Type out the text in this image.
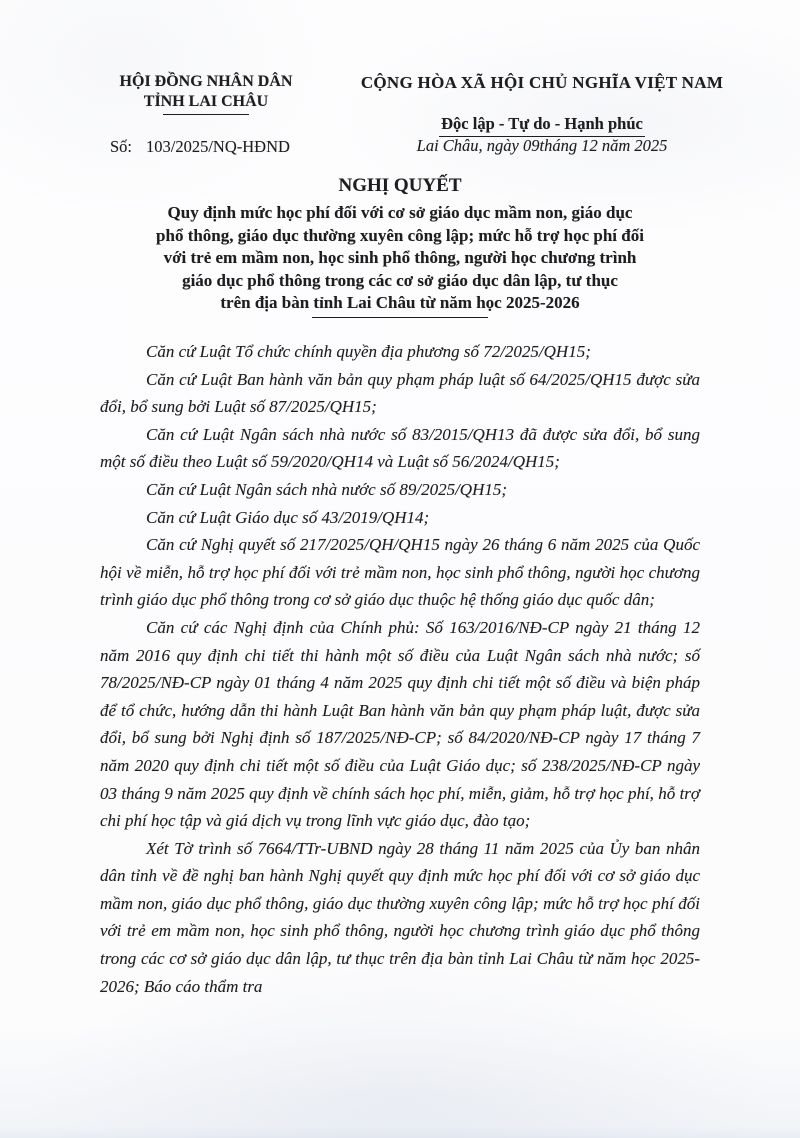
HỘI ĐỒNG NHÂN DÂN
TỈNH LAI CHÂU
CỘNG HÒA XÃ HỘI CHỦ NGHĨA VIỆT NAM

Độc lập - Tự do - Hạnh phúc
Số: 103/2025/NQ-HĐND	Lai Châu, ngày 09tháng 12 năm 2025
NGHỊ QUYẾT
Quy định mức học phí đối với cơ sở giáo dục mầm non, giáo dục
phổ thông, giáo dục thường xuyên công lập; mức hỗ trợ học phí đối
với trẻ em mầm non, học sinh phổ thông, người học chương trình
giáo dục phổ thông trong các cơ sở giáo dục dân lập, tư thục
trên địa bàn tỉnh Lai Châu từ năm học 2025-2026

Căn cứ Luật Tổ chức chính quyền địa phương số 72/2025/QH15;

Căn cứ Luật Ban hành văn bản quy phạm pháp luật số 64/2025/QH15 được sửa đổi, bổ sung bởi Luật số 87/2025/QH15;

Căn cứ Luật Ngân sách nhà nước số 83/2015/QH13 đã được sửa đổi, bổ sung một số điều theo Luật số 59/2020/QH14 và Luật số 56/2024/QH15;

Căn cứ Luật Ngân sách nhà nước số 89/2025/QH15;

Căn cứ Luật Giáo dục số 43/2019/QH14;

Căn cứ Nghị quyết số 217/2025/QH/QH15 ngày 26 tháng 6 năm 2025 của Quốc hội về miễn, hỗ trợ học phí đối với trẻ mầm non, học sinh phổ thông, người học chương trình giáo dục phổ thông trong cơ sở giáo dục thuộc hệ thống giáo dục quốc dân;

Căn cứ các Nghị định của Chính phủ: Số 163/2016/NĐ-CP ngày 21 tháng 12 năm 2016 quy định chi tiết thi hành một số điều của Luật Ngân sách nhà nước; số 78/2025/NĐ-CP ngày 01 tháng 4 năm 2025 quy định chi tiết một số điều và biện pháp để tổ chức, hướng dẫn thi hành Luật Ban hành văn bản quy phạm pháp luật, được sửa đổi, bổ sung bởi Nghị định số 187/2025/NĐ-CP; số 84/2020/NĐ-CP ngày 17 tháng 7 năm 2020 quy định chi tiết một số điều của Luật Giáo dục; số 238/2025/NĐ-CP ngày 03 tháng 9 năm 2025 quy định về chính sách học phí, miễn, giảm, hỗ trợ học phí, hỗ trợ chi phí học tập và giá dịch vụ trong lĩnh vực giáo dục, đào tạo;

Xét Tờ trình số 7664/TTr-UBND ngày 28 tháng 11 năm 2025 của Ủy ban nhân dân tỉnh về đề nghị ban hành Nghị quyết quy định mức học phí đối với cơ sở giáo dục mầm non, giáo dục phổ thông, giáo dục thường xuyên công lập; mức hỗ trợ học phí đối với trẻ em mầm non, học sinh phổ thông, người học chương trình giáo dục phổ thông trong các cơ sở giáo dục dân lập, tư thục trên địa bàn tỉnh Lai Châu từ năm học 2025-2026; Báo cáo thẩm tra
